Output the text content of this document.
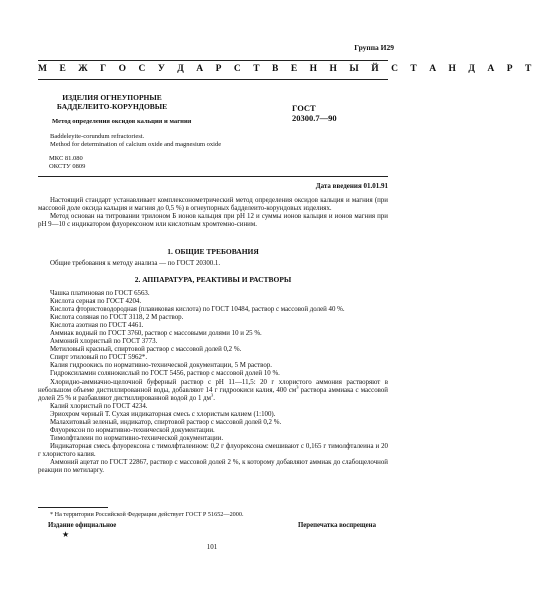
Группа И29
М Е Ж Г О С У Д А Р С Т В Е Н Н Ы Й С Т А Н Д А Р Т
ИЗДЕЛИЯ ОГНЕУПОРНЫЕ
БАДДЕЛЕИТО-КОРУНДОВЫЕ
Метод определения оксидов кальция и магния
Baddeleyite-corundum refractoriest.
Method for determination of calcium oxide and magnesium oxide
ГОСТ
20300.7—90
МКС 81.080
ОКСТУ 0809
Дата введения 01.01.91

Настоящий стандарт устанавливает комплексонометрический метод определения оксидов кальция и магния (при массовой доле оксида кальция и магния до 0,5 %) в огнеупорных бадделеито-корундовых изделиях.

Метод основан на титровании трилоном Б ионов кальция при рН 12 и суммы ионов кальция и ионов магния при рН 9—10 с индикатором флуорексоном или кислотным хромтемно-синим.

1. ОБЩИЕ ТРЕБОВАНИЯ

Общие требования к методу анализа — по ГОСТ 20300.1.

2. АППАРАТУРА, РЕАКТИВЫ И РАСТВОРЫ
Чашка платиновая по ГОСТ 6563.
Кислота серная по ГОСТ 4204.
Кислота фтористоводородная (плавиковая кислота) по ГОСТ 10484, раствор с массовой долей 40 %.
Кислота соляная по ГОСТ 3118, 2 М раствор.
Кислота азотная по ГОСТ 4461.
Аммиак водный по ГОСТ 3760, раствор с массовыми долями 10 и 25 %.
Аммоний хлористый по ГОСТ 3773.
Метиловый красный, спиртовой раствор с массовой долей 0,2 %.
Спирт этиловый по ГОСТ 5962*.
Калия гидроокись по нормативно-технической документации, 5 М раствор.
Гидроксиламин солянокислый по ГОСТ 5456, раствор с массовой долей 10 %.
Хлоридно-аммиачно-щелочной буферный раствор с рН 11—11,5: 20 г хлористого аммония растворяют в небольшом объеме дистиллированной воды, добавляют 14 г гидроокиси калия, 400 $см^3$ раствора аммиака с массовой долей 25 % и разбавляют дистиллированной водой до 1 $дм^3$.
Калий хлористый по ГОСТ 4234.
Эриохром черный Т. Сухая индикаторная смесь с хлористым калием (1:100).
Малахитовый зеленый, индикатор, спиртовой раствор с массовой долей 0,2 %.
Флуорексон по нормативно-технической документации.
Тимолфталеин по нормативно-технической документации.
Индикаторная смесь флуорексона с тимолфталеином: 0,2 г флуорексона смешивают с 0,165 г тимолфталеина и 20 г хлористого калия.
Аммоний ацетат по ГОСТ 22867, раствор с массовой долей 2 %, к которому добавляют аммиак до слабощелочной реакции по метиларгу.
* На территории Российской Федерации действует ГОСТ Р 51652—2000.
Издание официальное	Перепечатка воспрещена
★
101
